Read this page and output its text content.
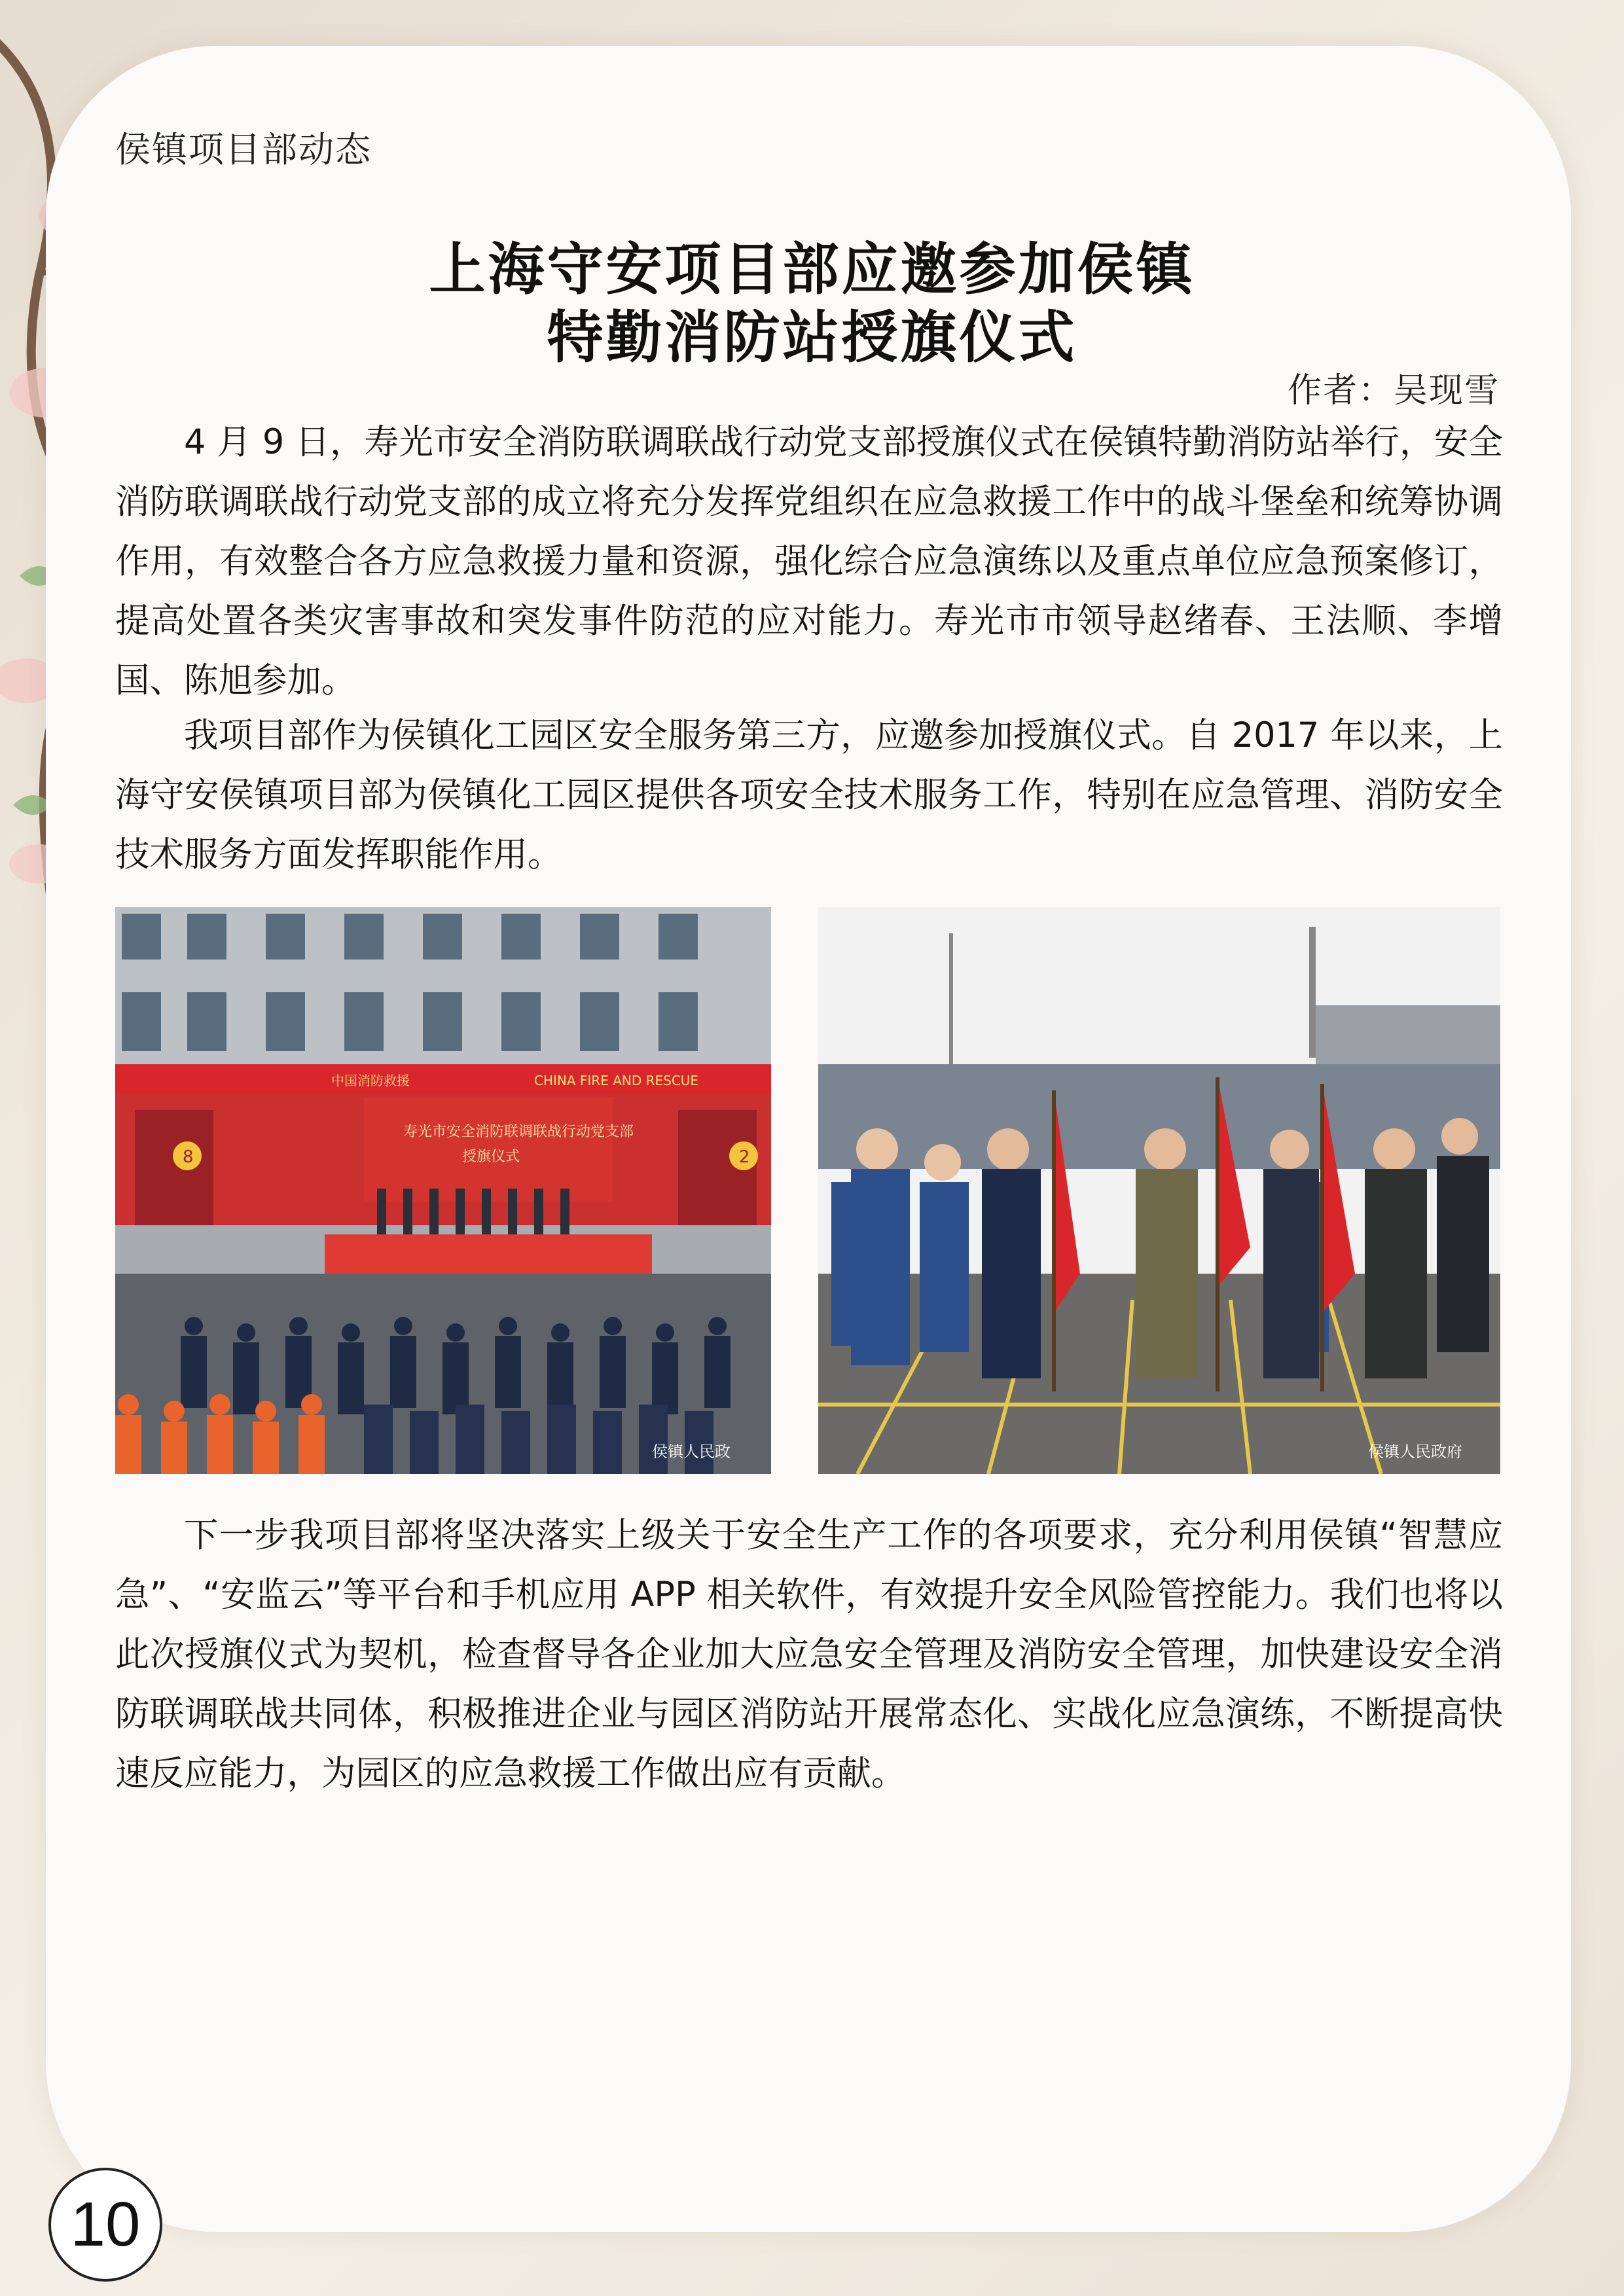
侯镇项目部动态
上海守安项目部应邀参加侯镇
特勤消防站授旗仪式
作者：吴现雪

4 月 9 日，寿光市安全消防联调联战行动党支部授旗仪式在侯镇特勤消防站举行，安全消防联调联战行动党支部的成立将充分发挥党组织在应急救援工作中的战斗堡垒和统筹协调作用，有效整合各方应急救援力量和资源，强化综合应急演练以及重点单位应急预案修订，提高处置各类灾害事故和突发事件防范的应对能力。寿光市市领导赵绪春、王法顺、李增国、陈旭参加。

我项目部作为侯镇化工园区安全服务第三方，应邀参加授旗仪式。自 2017 年以来，上海守安侯镇项目部为侯镇化工园区提供各项安全技术服务工作，特别在应急管理、消防安全技术服务方面发挥职能作用。

中国消防救援	CHINA FIRE AND RESCUE
8	2
寿光市安全消防联调联战行动党支部
授旗仪式
侯镇人民政	侯镇人民政府

下一步我项目部将坚决落实上级关于安全生产工作的各项要求，充分利用侯镇“智慧应急”、“安监云”等平台和手机应用 APP 相关软件，有效提升安全风险管控能力。我们也将以此次授旗仪式为契机，检查督导各企业加大应急安全管理及消防安全管理，加快建设安全消防联调联战共同体，积极推进企业与园区消防站开展常态化、实战化应急演练，不断提高快速反应能力，为园区的应急救援工作做出应有贡献。

10
